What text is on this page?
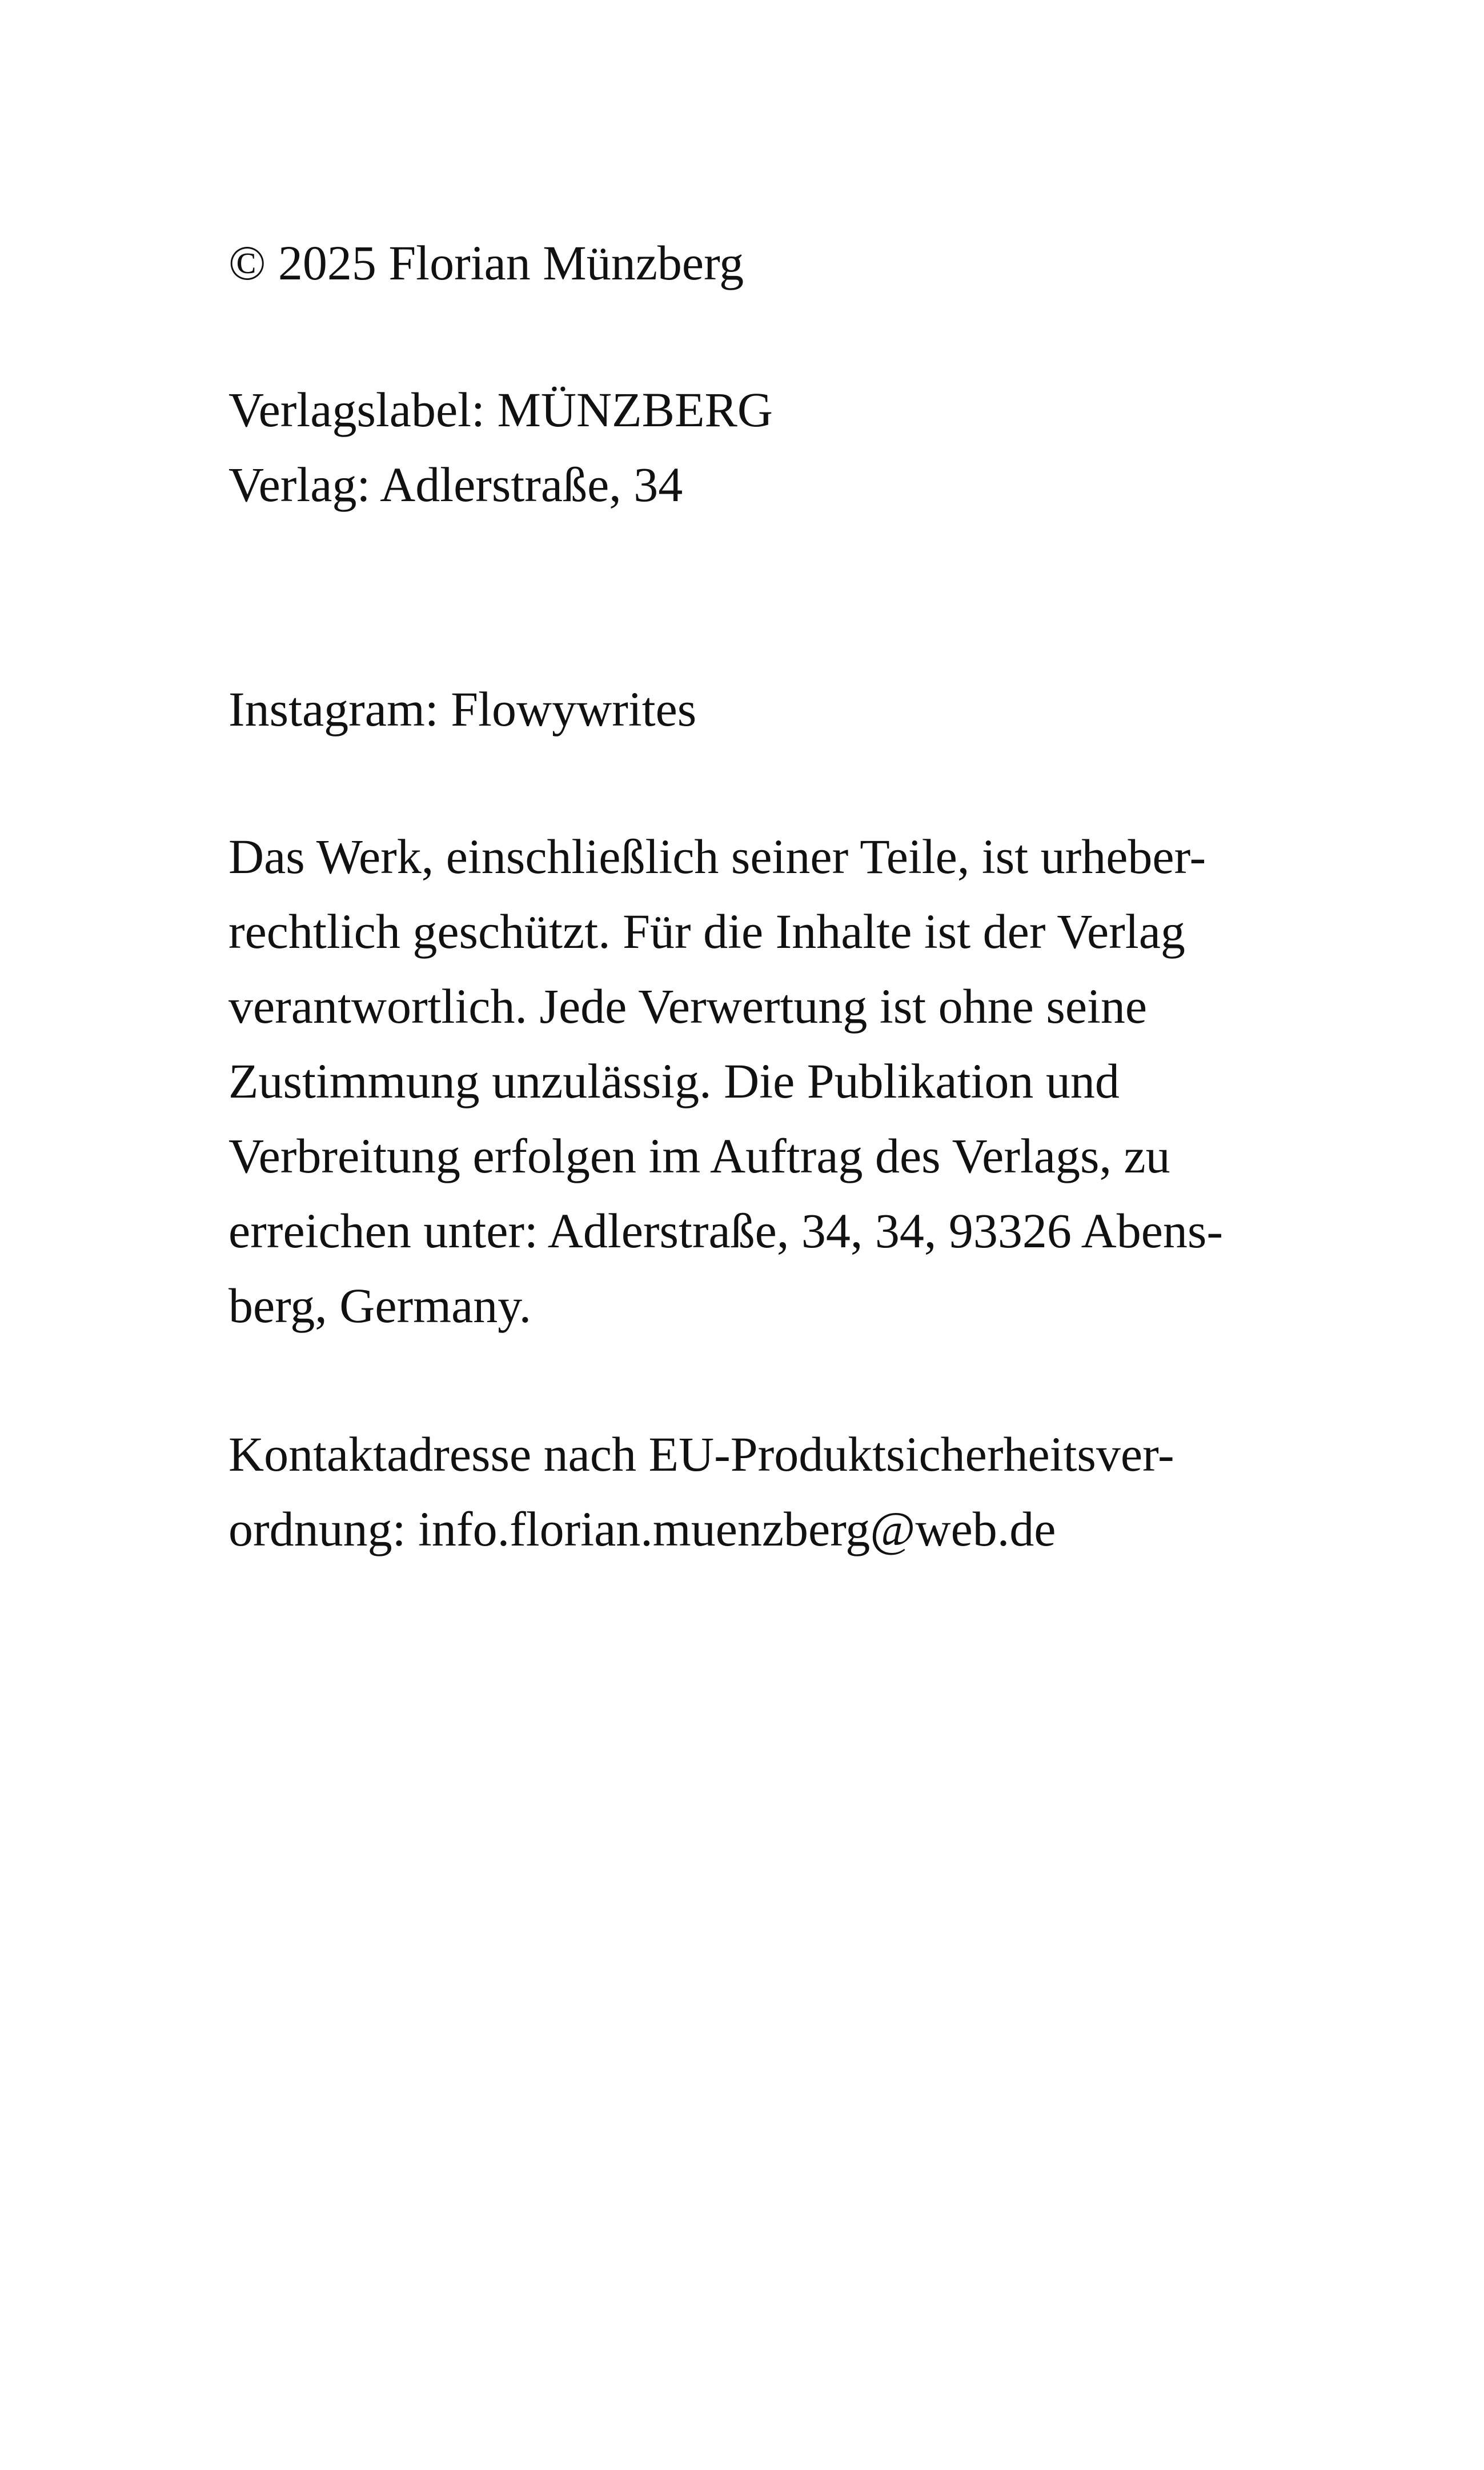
© 2025 Florian Münzberg

Verlagslabel: MÜNZBERG
Verlag: Adlerstraße, 34

Instagram: Flowywrites

Das Werk, einschließlich seiner Teile, ist urheber-
rechtlich geschützt. Für die Inhalte ist der Verlag
verantwortlich. Jede Verwertung ist ohne seine
Zustimmung unzulässig. Die Publikation und
Verbreitung erfolgen im Auftrag des Verlags, zu
erreichen unter: Adlerstraße, 34, 34, 93326 Abens-
berg, Germany.
Kontaktadresse nach EU-Produktsicherheitsver-
ordnung: info.florian.muenzberg@web.de
